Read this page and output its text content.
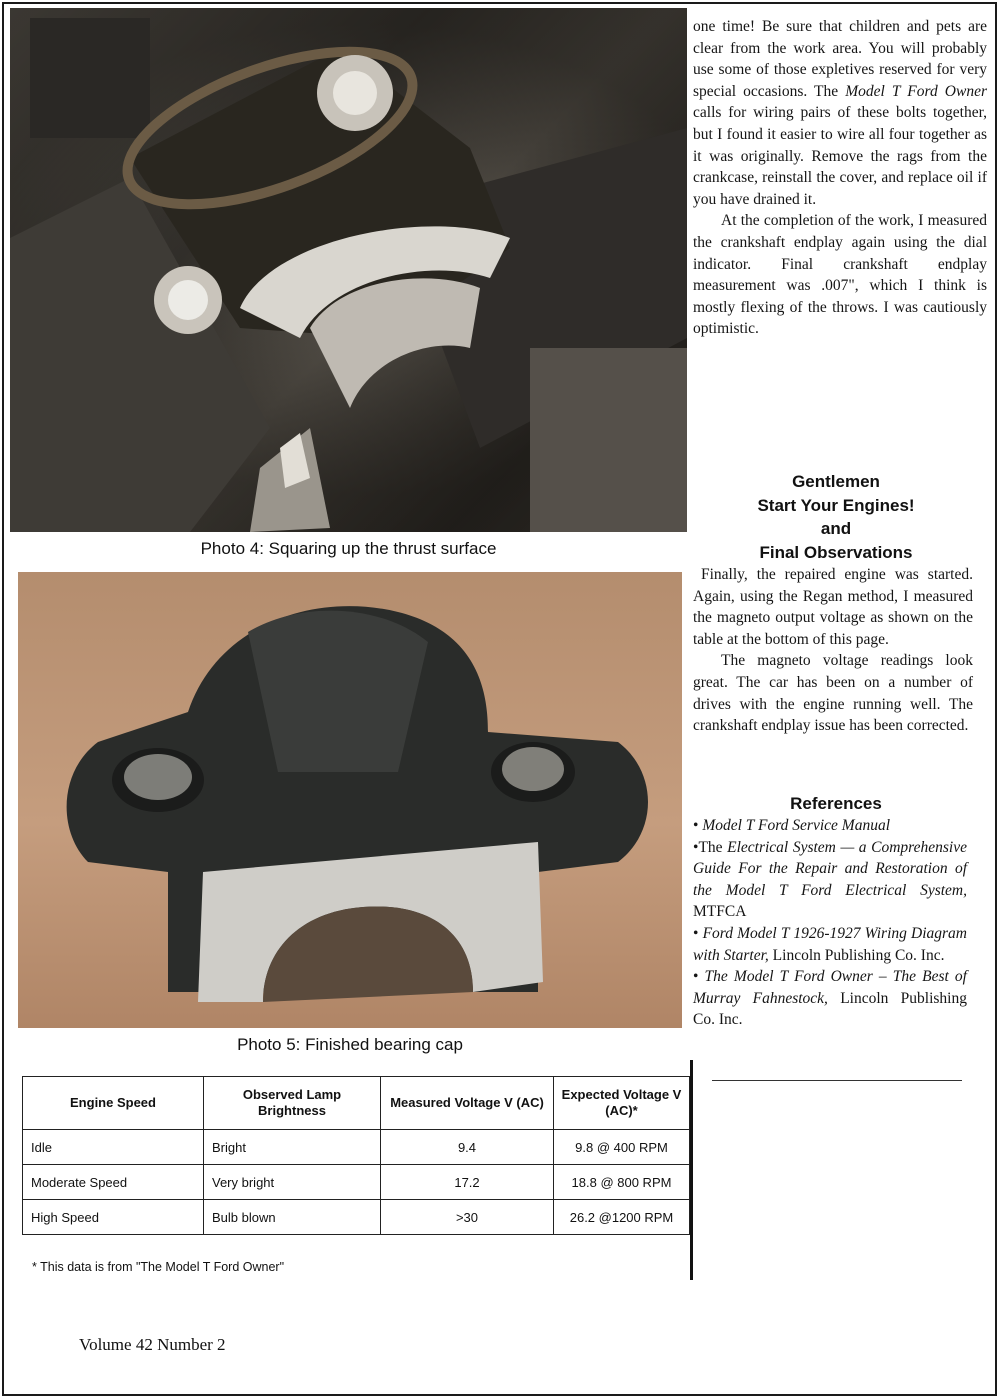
Photo 4: Squaring up the thrust surface
Photo 5: Finished bearing cap

one time! Be sure that children and pets are clear from the work area. You will probably use some of those expletives reserved for very special occasions. The Model T Ford Owner calls for wiring pairs of these bolts together, but I found it easier to wire all four together as it was originally. Remove the rags from the crankcase, reinstall the cover, and replace oil if you have drained it.

At the completion of the work, I measured the crankshaft endplay again using the dial indicator. Final crankshaft endplay measurement was .007", which I think is mostly flexing of the throws. I was cautiously optimistic.

Gentlemen
Start Your Engines!
and
Final Observations

Finally, the repaired engine was started. Again, using the Regan method, I measured the magneto output voltage as shown on the table at the bottom of this page.

The magneto voltage readings look great. The car has been on a number of drives with the engine running well. The crankshaft endplay issue has been corrected.

References

• Model T Ford Service Manual

•The Electrical System — a Comprehensive Guide For the Repair and Restoration of the Model T Ford Electrical System, MTFCA

• Ford Model T 1926-1927 Wiring Diagram with Starter, Lincoln Publishing Co. Inc.

• The Model T Ford Owner – The Best of Murray Fahnestock, Lincoln Publishing Co. Inc.

Engine Speed	Observed Lamp Brightness	Measured Voltage V (AC)	Expected Voltage V (AC)*
Idle	Bright	9.4	9.8 @ 400 RPM
Moderate Speed	Very bright	17.2	18.8 @ 800 RPM
High Speed	Bulb blown	>30	26.2 @1200 RPM
* This data is from "The Model T Ford Owner"
Volume 42 Number 2
